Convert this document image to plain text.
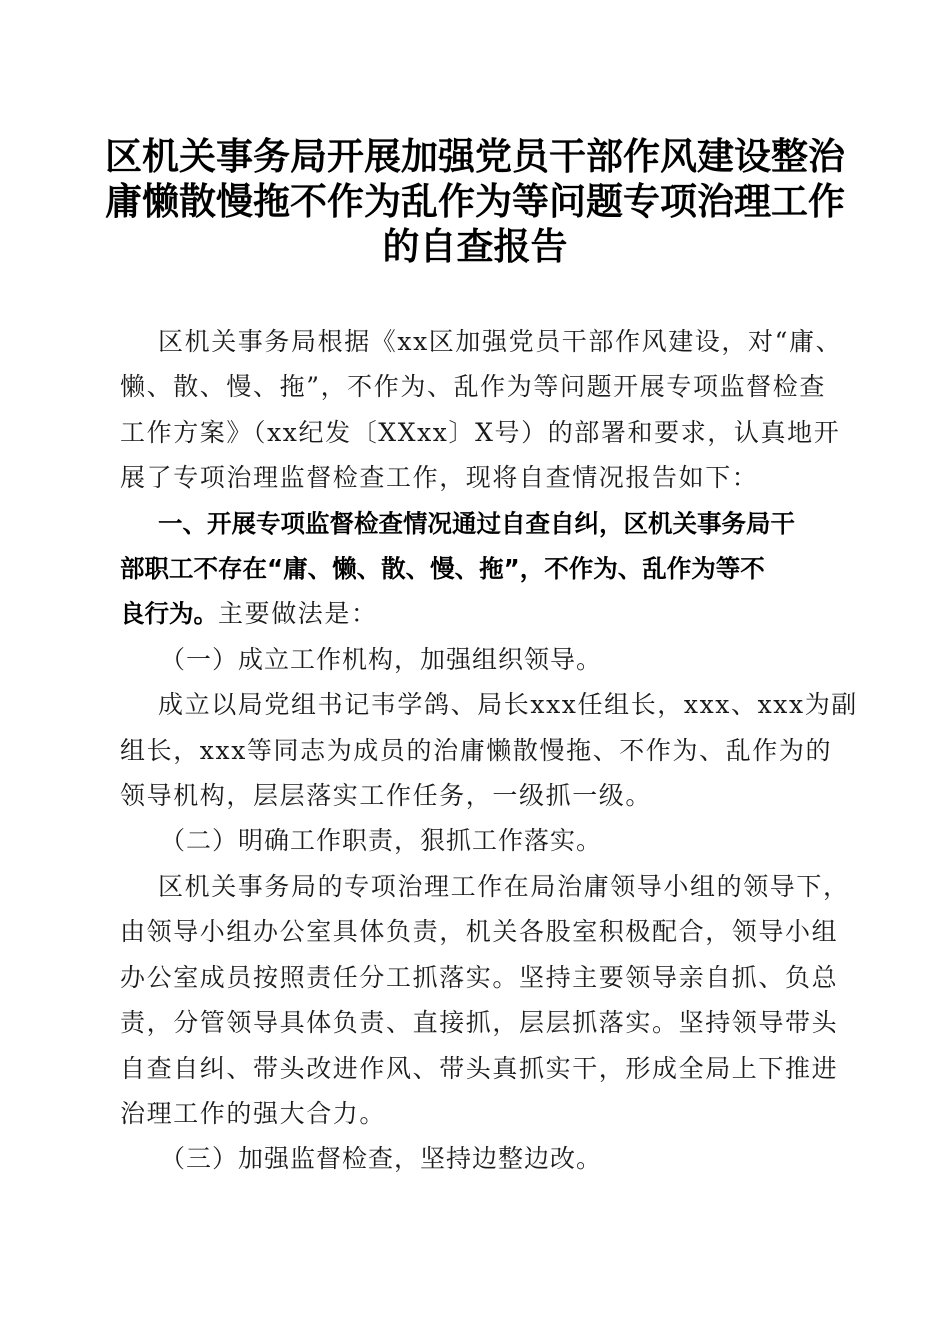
区机关事务局开展加强党员干部作风建设整治
庸懒散慢拖不作为乱作为等问题专项治理工作
的自查报告

区机关事务局根据《xx区加强党员干部作风建设，对“庸、

懒、散、慢、拖”，不作为、乱作为等问题开展专项监督检查

工作方案》（xx纪发〔XXxx〕X号）的部署和要求，认真地开

展了专项治理监督检查工作，现将自查情况报告如下：

一、开展专项监督检查情况通过自查自纠，区机关事务局干

部职工不存在“庸、懒、散、慢、拖”，不作为、乱作为等不

良行为。主要做法是：

（一）成立工作机构，加强组织领导。

成立以局党组书记韦学鸽、局长xxx任组长，xxx、xxx为副

组长，xxx等同志为成员的治庸懒散慢拖、不作为、乱作为的

领导机构，层层落实工作任务，一级抓一级。

（二）明确工作职责，狠抓工作落实。

区机关事务局的专项治理工作在局治庸领导小组的领导下，

由领导小组办公室具体负责，机关各股室积极配合，领导小组

办公室成员按照责任分工抓落实。坚持主要领导亲自抓、负总

责，分管领导具体负责、直接抓，层层抓落实。坚持领导带头

自查自纠、带头改进作风、带头真抓实干，形成全局上下推进

治理工作的强大合力。

（三）加强监督检查，坚持边整边改。
